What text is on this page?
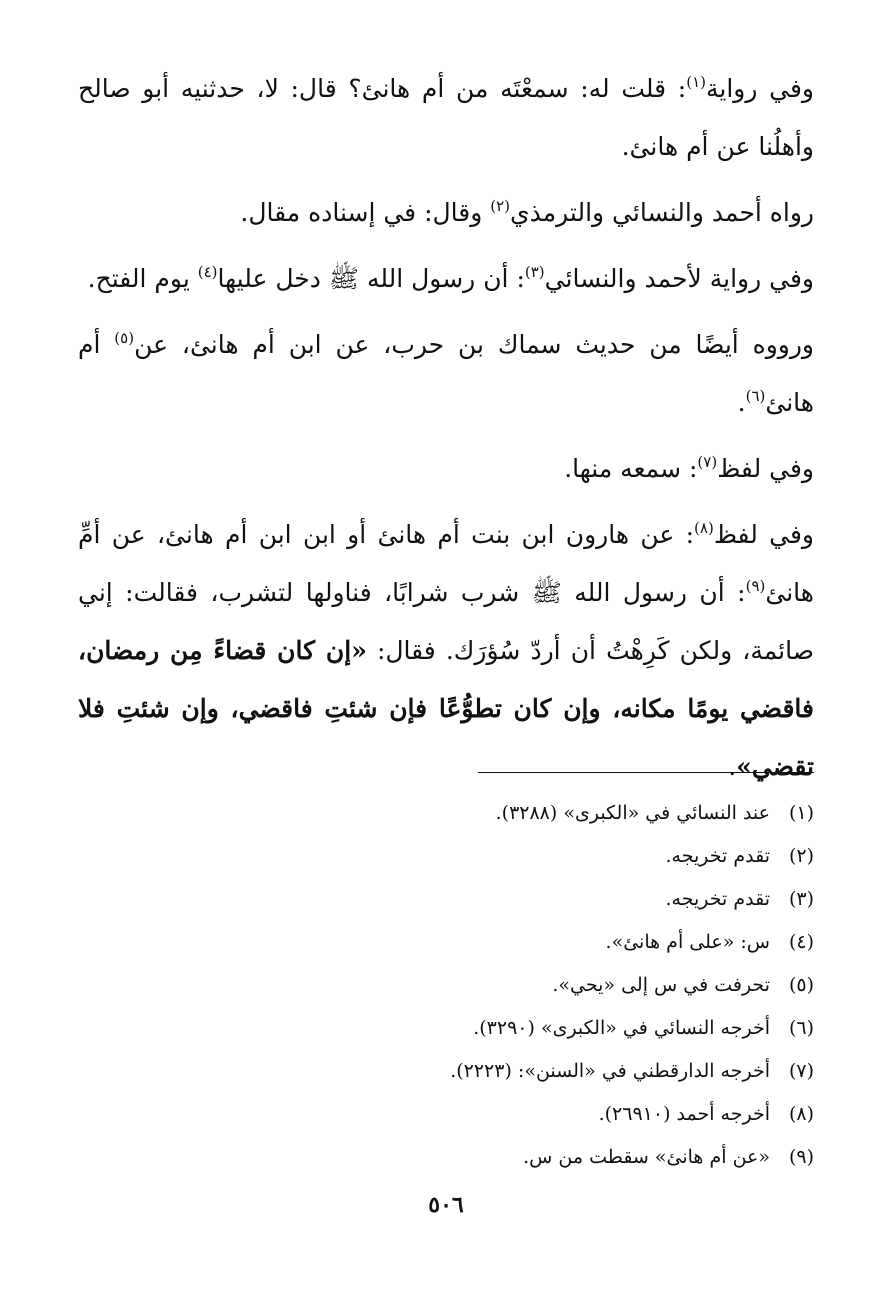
وفي رواية$^{(١)}$: قلت له: سمعْتَه من أم هانئ؟ قال: لا، حدثنيه أبو صالح وأهلُنا عن أم هانئ.

رواه أحمد والنسائي والترمذي$^{(٢)}$ وقال: في إسناده مقال.

وفي رواية لأحمد والنسائي$^{(٣)}$: أن رسول الله ﷺ دخل عليها$^{(٤)}$ يوم الفتح.

ورووه أيضًا من حديث سماك بن حرب، عن ابن أم هانئ، عن$^{(٥)}$ أم هانئ$^{(٦)}$.

وفي لفظ$^{(٧)}$: سمعه منها.

وفي لفظ$^{(٨)}$: عن هارون ابن بنت أم هانئ أو ابن ابن أم هانئ، عن أمِّ هانئ$^{(٩)}$: أن رسول الله ﷺ شرب شرابًا، فناولها لتشرب، فقالت: إني صائمة، ولكن كَرِهْتُ أن أردّ سُؤرَك. فقال: «إن كان قضاءً مِن رمضان، فاقضي يومًا مكانه، وإن كان تطوُّعًا فإن شئتِ فاقضي، وإن شئتِ فلا تقضي».

(١)
عند النسائي في «الكبرى» (٣٢٨٨).
(٢)
تقدم تخريجه.
(٣)
تقدم تخريجه.
(٤)
س: «على أم هانئ».
(٥)
تحرفت في س إلى «يحي».
(٦)
أخرجه النسائي في «الكبرى» (٣٢٩٠).
(٧)
أخرجه الدارقطني في «السنن»: (٢٢٢٣).
(٨)
أخرجه أحمد (٢٦٩١٠).
(٩)
«عن أم هانئ» سقطت من س.
٥٠٦
